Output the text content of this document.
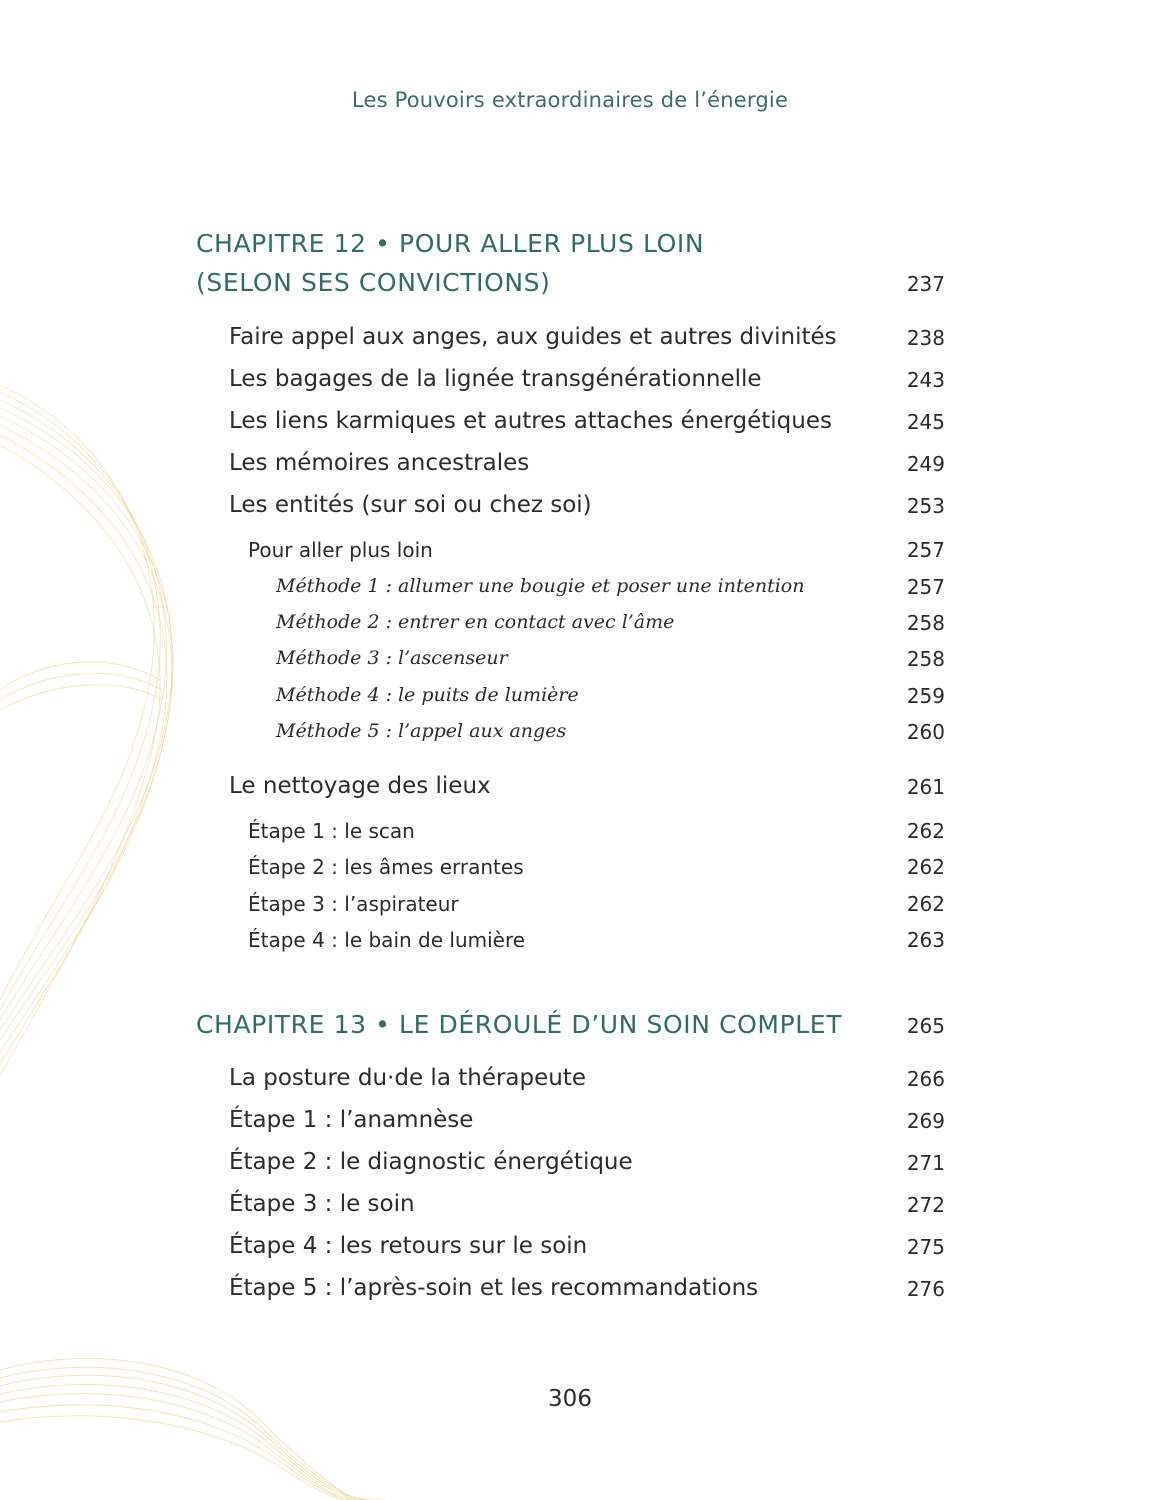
Les Pouvoirs extraordinaires de l’énergie
CHAPITRE 12 • POUR ALLER PLUS LOIN
(SELON SES CONVICTIONS)	237
Faire appel aux anges, aux guides et autres divinités	238
Les bagages de la lignée transgénérationnelle	243
Les liens karmiques et autres attaches énergétiques	245
Les mémoires ancestrales	249
Les entités (sur soi ou chez soi)	253
Pour aller plus loin	257
Méthode 1 : allumer une bougie et poser une intention	257
Méthode 2 : entrer en contact avec l’âme	258
Méthode 3 : l’ascenseur	258
Méthode 4 : le puits de lumière	259
Méthode 5 : l’appel aux anges	260
Le nettoyage des lieux	261
Étape 1 : le scan	262
Étape 2 : les âmes errantes	262
Étape 3 : l’aspirateur	262
Étape 4 : le bain de lumière	263
CHAPITRE 13 • LE DÉROULÉ D’UN SOIN COMPLET	265
La posture du·de la thérapeute	266
Étape 1 : l’anamnèse	269
Étape 2 : le diagnostic énergétique	271
Étape 3 : le soin	272
Étape 4 : les retours sur le soin	275
Étape 5 : l’après-soin et les recommandations	276
306
